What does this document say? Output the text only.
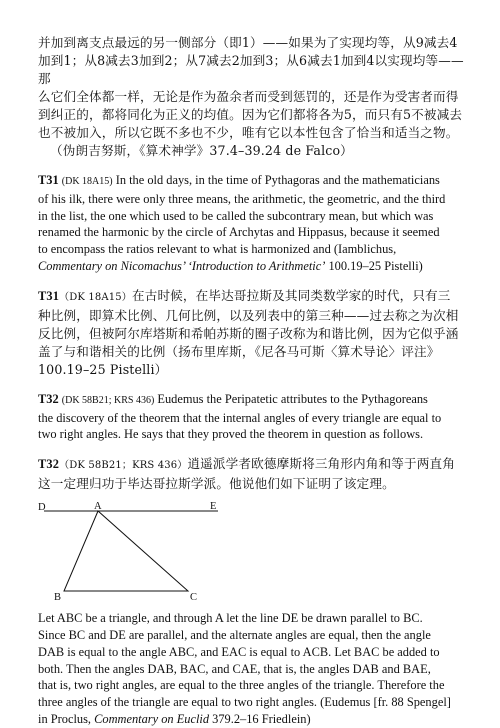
并加到离支点最远的另一侧部分（即1）——如果为了实现均等，从9减去4

加到1；从8减去3加到2；从7减去2加到3；从6减去1加到4以实现均等——那

么它们全体都一样，无论是作为盈余者而受到惩罚的，还是作为受害者而得

到纠正的，都将同化为正义的均值。因为它们都将各为5，而只有5不被减去

也不被加入，所以它既不多也不少，唯有它以本性包含了恰当和适当之物。

（伪朗吉努斯，《算术神学》37.4–39.24 de Falco）

T31 (DK 18A15) In the old days, in the time of Pythagoras and the mathematicians

of his ilk, there were only three means, the arithmetic, the geometric, and the third

in the list, the one which used to be called the subcontrary mean, but which was

renamed the harmonic by the circle of Archytas and Hippasus, because it seemed

to encompass the ratios relevant to what is harmonized and (Iamblichus,

Commentary on Nicomachus’ ‘Introduction to Arithmetic’ 100.19–25 Pistelli)

T31（DK 18A15）在古时候，在毕达哥拉斯及其同类数学家的时代，只有三

种比例，即算术比例、几何比例，以及列表中的第三种——过去称之为次相

反比例，但被阿尔库塔斯和希帕苏斯的圈子改称为和谐比例，因为它似乎涵

盖了与和谐相关的比例（扬布里库斯，《尼各马可斯〈算术导论〉评注》

100.19–25 Pistelli）

T32 (DK 58B21; KRS 436) Eudemus the Peripatetic attributes to the Pythagoreans

the discovery of the theorem that the internal angles of every triangle are equal to

two right angles. He says that they proved the theorem in question as follows.

T32（DK 58B21；KRS 436）逍遥派学者欧德摩斯将三角形内角和等于两直角

这一定理归功于毕达哥拉斯学派。他说他们如下证明了该定理。

D	A	E
B	C

Let ABC be a triangle, and through A let the line DE be drawn parallel to BC.

Since BC and DE are parallel, and the alternate angles are equal, then the angle

DAB is equal to the angle ABC, and EAC is equal to ACB. Let BAC be added to

both. Then the angles DAB, BAC, and CAE, that is, the angles DAB and BAE,

that is, two right angles, are equal to the three angles of the triangle. Therefore the

three angles of the triangle are equal to two right angles. (Eudemus [fr. 88 Spengel]

in Proclus, Commentary on Euclid 379.2–16 Friedlein)
